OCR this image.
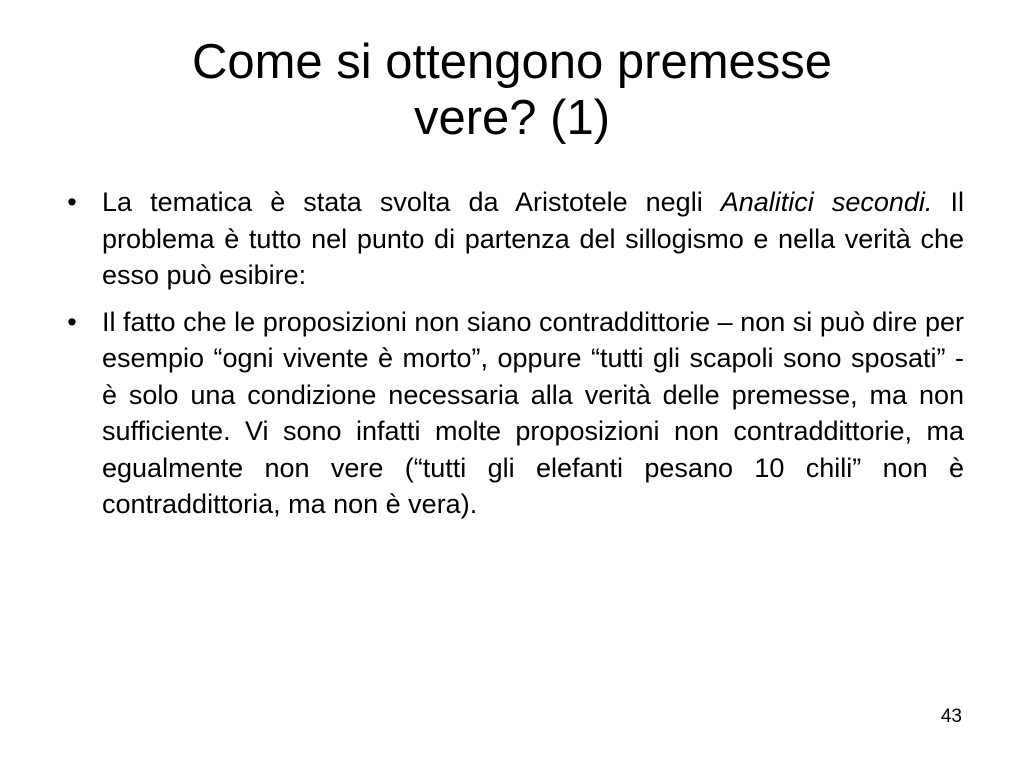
Come si ottengono premesse
vere? (1)
• La tematica è stata svolta da Aristotele negli Analitici secondi. Il problema è tutto nel punto di partenza del sillogismo e nella verità che esso può esibire:
• Il fatto che le proposizioni non siano contraddittorie – non si può dire per esempio “ogni vivente è morto”, oppure “tutti gli scapoli sono sposati” - è solo una condizione necessaria alla verità delle premesse, ma non sufficiente. Vi sono infatti molte proposizioni non contraddittorie, ma egualmente non vere (“tutti gli elefanti pesano 10 chili” non è contraddittoria, ma non è vera).
43
